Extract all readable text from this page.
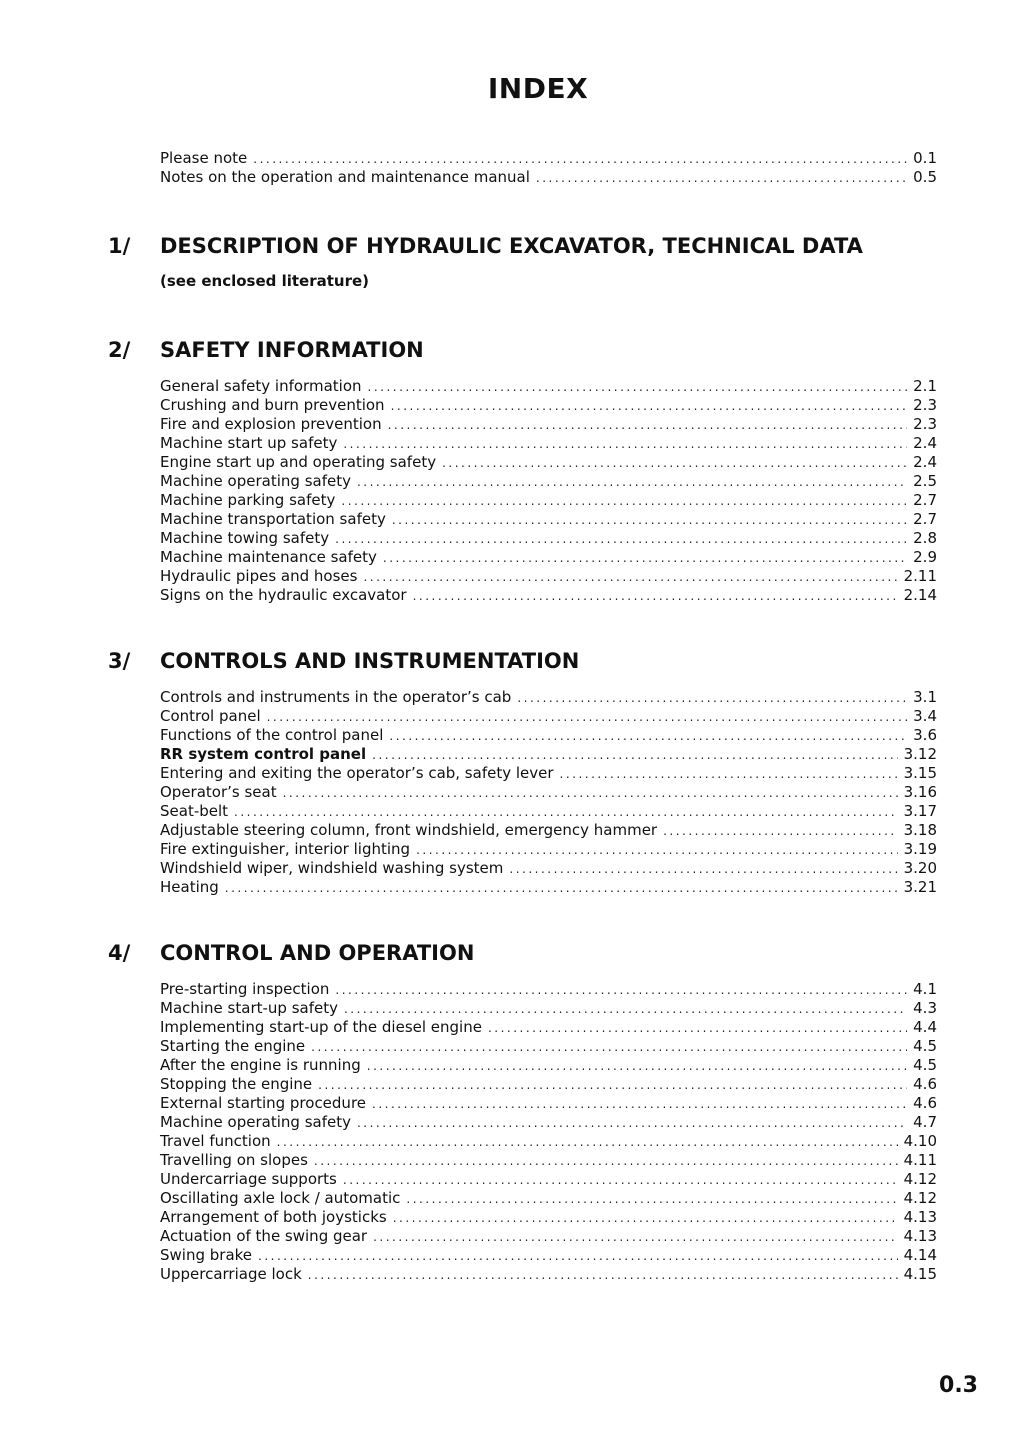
INDEX
Please note .....	0.1
Notes on the operation and maintenance manual .....	0.5
1/ DESCRIPTION OF HYDRAULIC EXCAVATOR, TECHNICAL DATA
(see enclosed literature)
2/ SAFETY INFORMATION
General safety information .....	2.1
Crushing and burn prevention .....	2.3
Fire and explosion prevention .....	2.3
Machine start up safety .....	2.4
Engine start up and operating safety .....	2.4
Machine operating safety .....	2.5
Machine parking safety .....	2.7
Machine transportation safety .....	2.7
Machine towing safety .....	2.8
Machine maintenance safety .....	2.9
Hydraulic pipes and hoses .....	2.11
Signs on the hydraulic excavator .....	2.14
3/ CONTROLS AND INSTRUMENTATION
Controls and instruments in the operator’s cab .....	3.1
Control panel .....	3.4
Functions of the control panel .....	3.6
RR system control panel .....	3.12
Entering and exiting the operator’s cab, safety lever .....	3.15
Operator’s seat .....	3.16
Seat-belt .....	3.17
Adjustable steering column, front windshield, emergency hammer .....	3.18
Fire extinguisher, interior lighting .....	3.19
Windshield wiper, windshield washing system .....	3.20
Heating .....	3.21
4/ CONTROL AND OPERATION
Pre-starting inspection .....	4.1
Machine start-up safety .....	4.3
Implementing start-up of the diesel engine .....	4.4
Starting the engine .....	4.5
After the engine is running .....	4.5
Stopping the engine .....	4.6
External starting procedure .....	4.6
Machine operating safety .....	4.7
Travel function .....	4.10
Travelling on slopes .....	4.11
Undercarriage supports .....	4.12
Oscillating axle lock / automatic .....	4.12
Arrangement of both joysticks .....	4.13
Actuation of the swing gear .....	4.13
Swing brake .....	4.14
Uppercarriage lock .....	4.15
0.3
